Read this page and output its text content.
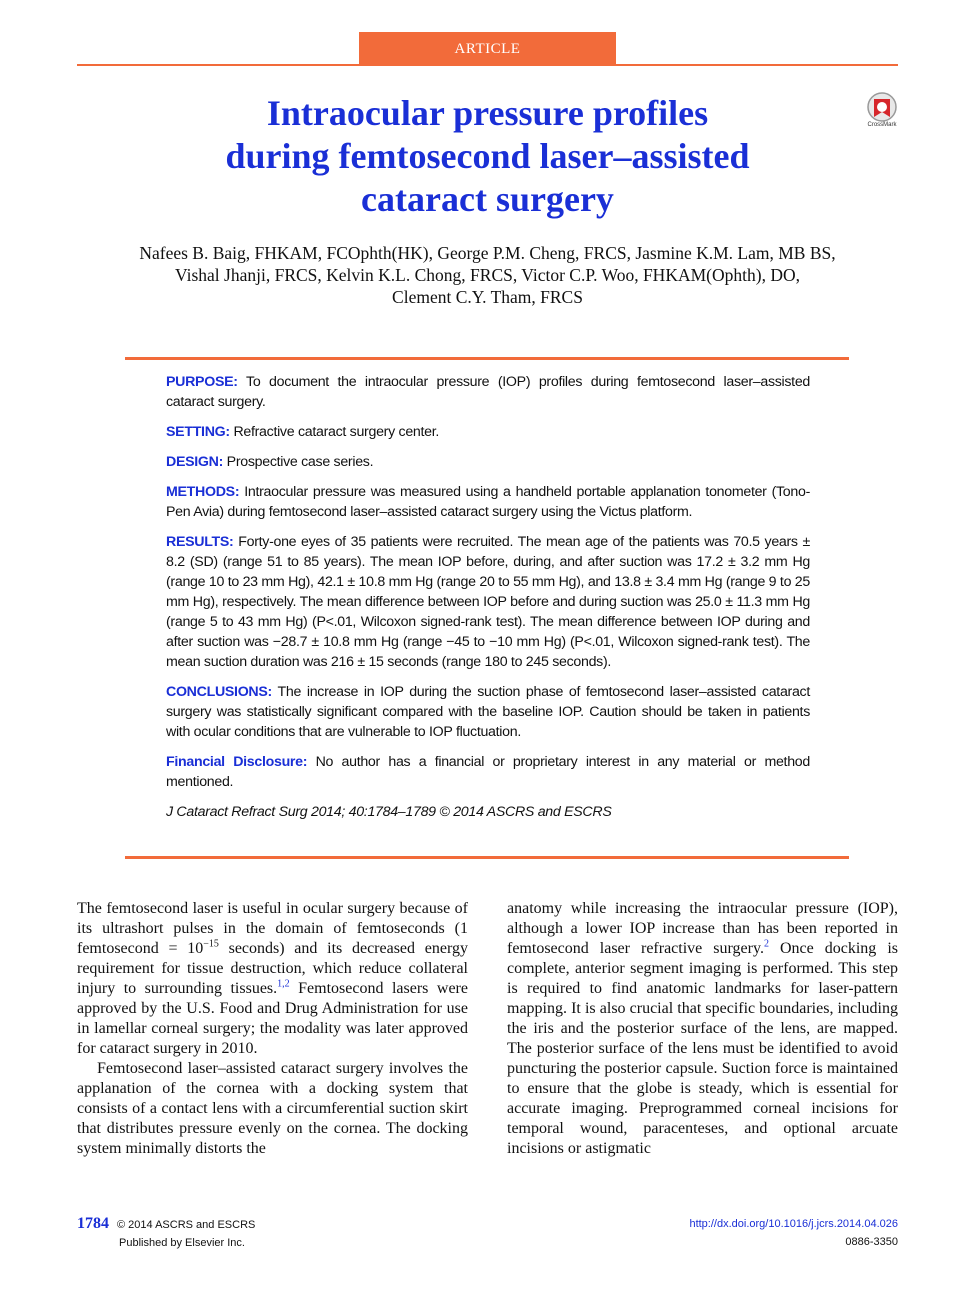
ARTICLE
Intraocular pressure profiles
during femtosecond laser–assisted
cataract surgery
CrossMark
Nafees B. Baig, FHKAM, FCOphth(HK), George P.M. Cheng, FRCS, Jasmine K.M. Lam, MB BS,
Vishal Jhanji, FRCS, Kelvin K.L. Chong, FRCS, Victor C.P. Woo, FHKAM(Ophth), DO,
Clement C.Y. Tham, FRCS

PURPOSE: To document the intraocular pressure (IOP) profiles during femtosecond laser–assisted cataract surgery.

SETTING: Refractive cataract surgery center.

DESIGN: Prospective case series.

METHODS: Intraocular pressure was measured using a handheld portable applanation tonometer (Tono-Pen Avia) during femtosecond laser–assisted cataract surgery using the Victus platform.

RESULTS: Forty-one eyes of 35 patients were recruited. The mean age of the patients was 70.5 years ± 8.2 (SD) (range 51 to 85 years). The mean IOP before, during, and after suction was 17.2 ± 3.2 mm Hg (range 10 to 23 mm Hg), 42.1 ± 10.8 mm Hg (range 20 to 55 mm Hg), and 13.8 ± 3.4 mm Hg (range 9 to 25 mm Hg), respectively. The mean difference between IOP before and during suction was 25.0 ± 11.3 mm Hg (range 5 to 43 mm Hg) (P<.01, Wilcoxon signed-rank test). The mean difference between IOP during and after suction was −28.7 ± 10.8 mm Hg (range −45 to −10 mm Hg) (P<.01, Wilcoxon signed-rank test). The mean suction duration was 216 ± 15 seconds (range 180 to 245 seconds).

CONCLUSIONS: The increase in IOP during the suction phase of femtosecond laser–assisted cataract surgery was statistically significant compared with the baseline IOP. Caution should be taken in patients with ocular conditions that are vulnerable to IOP fluctuation.

Financial Disclosure: No author has a financial or proprietary interest in any material or method mentioned.

J Cataract Refract Surg 2014; 40:1784–1789 © 2014 ASCRS and ESCRS

The femtosecond laser is useful in ocular surgery because of its ultrashort pulses in the domain of femtoseconds (1 femtosecond = $10^{-15}$ seconds) and its decreased energy requirement for tissue destruction, which reduce collateral injury to surrounding tissues.$^{1,2}$ Femtosecond lasers were approved by the U.S. Food and Drug Administration for use in lamellar corneal surgery; the modality was later approved for cataract surgery in 2010.

Femtosecond laser–assisted cataract surgery involves the applanation of the cornea with a docking system that consists of a contact lens with a circumferential suction skirt that distributes pressure evenly on the cornea. The docking system minimally distorts the

anatomy while increasing the intraocular pressure (IOP), although a lower IOP increase than has been reported in femtosecond laser refractive surgery.$^2$ Once docking is complete, anterior segment imaging is performed. This step is required to find anatomic landmarks for laser-pattern mapping. It is also crucial that specific boundaries, including the iris and the posterior surface of the lens, are mapped. The posterior surface of the lens must be identified to avoid puncturing the posterior capsule. Suction force is maintained to ensure that the globe is steady, which is essential for accurate imaging. Preprogrammed corneal incisions for temporal wound, paracenteses, and optional arcuate incisions or astigmatic

1784 © 2014 ASCRS and ESCRS
Published by Elsevier Inc.
http://dx.doi.org/10.1016/j.jcrs.2014.04.026
0886-3350
